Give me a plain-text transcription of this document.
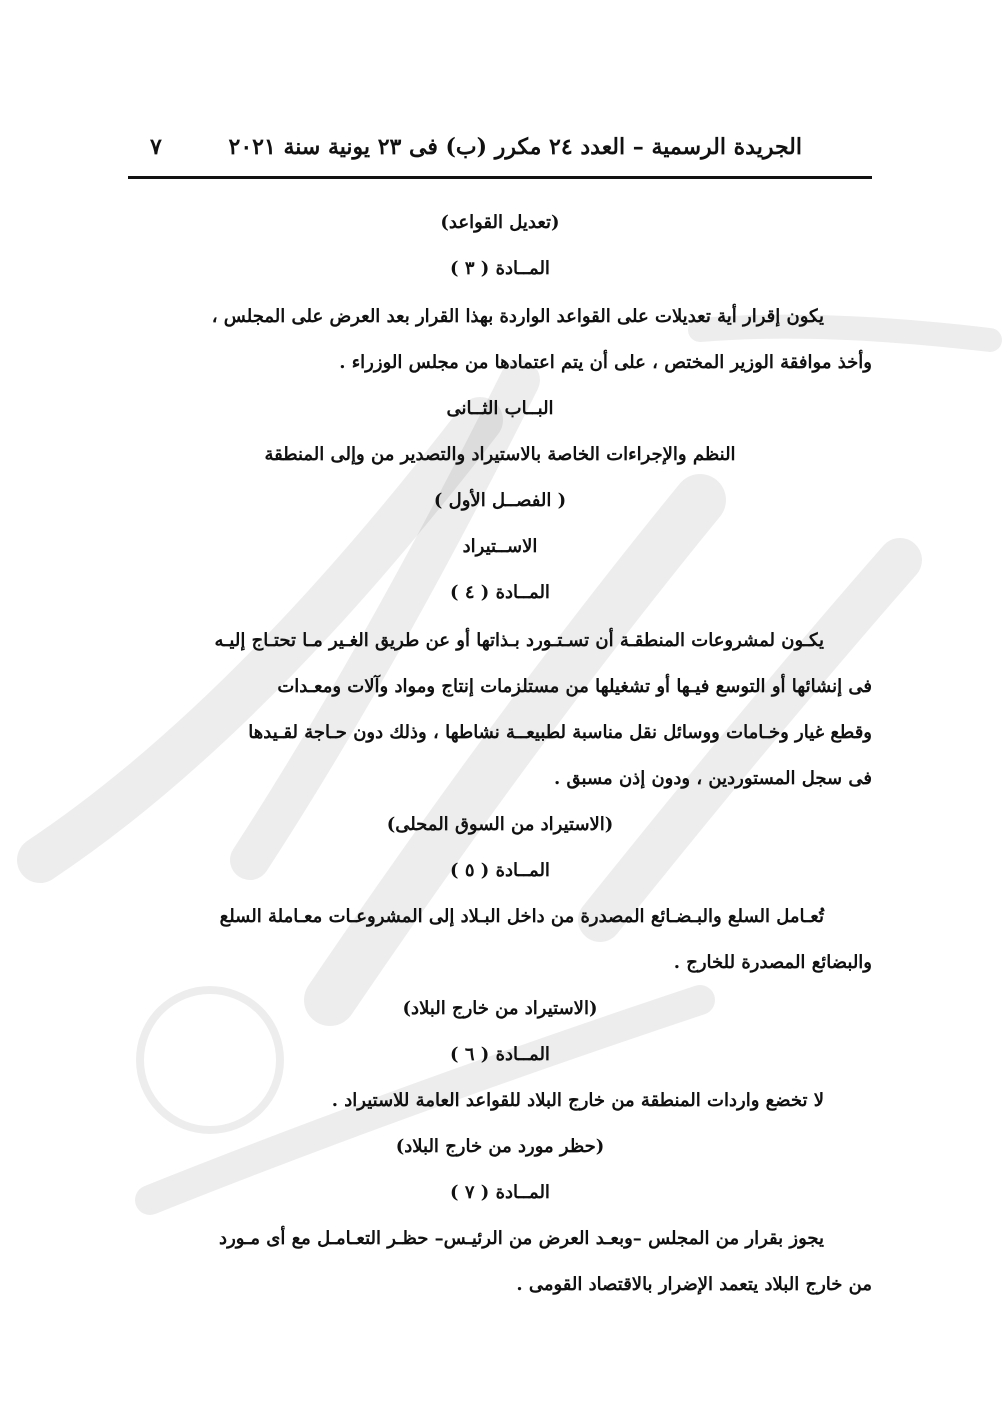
الجريدة الرسمية – العدد ٢٤ مكرر (ب) فى ٢٣ يونية سنة ٢٠٢١
٧
(تعديل القواعد)
المــادة ( ٣ )
يكون إقرار أية تعديلات على القواعد الواردة بهذا القرار بعد العرض على المجلس ،
وأخذ موافقة الوزير المختص ، على أن يتم اعتمادها من مجلس الوزراء .
البــاب الثــانى
النظم والإجراءات الخاصة بالاستيراد والتصدير من وإلى المنطقة
( الفصــل الأول )
الاســتيراد
المــادة ( ٤ )
يكـون لمشروعات المنطقـة أن تسـتـورد بـذاتها أو عن طريق الغـير مـا تحتـاج إليـه
فى إنشائها أو التوسع فيـها أو تشغيلها من مستلزمات إنتاج ومواد وآلات ومعـدات
وقطع غيار وخـامات ووسائل نقل مناسبة لطبيعــة نشاطها ، وذلك دون حـاجة لقـيدها
فى سجل المستوردين ، ودون إذن مسبق .
(الاستيراد من السوق المحلى)
المــادة ( ٥ )
تُعـامل السلع والبـضـائع المصدرة من داخل البـلاد إلى المشروعـات معـاملة السلع
والبضائع المصدرة للخارج .
(الاستيراد من خارج البلاد)
المــادة ( ٦ )
لا تخضع واردات المنطقة من خارج البلاد للقواعد العامة للاستيراد .
(حظر مورد من خارج البلاد)
المــادة ( ٧ )
يجوز بقرار من المجلس –وبعـد العرض من الرئيـس– حظـر التعـامـل مع أى مـورد
من خارج البلاد يتعمد الإضرار بالاقتصاد القومى .
